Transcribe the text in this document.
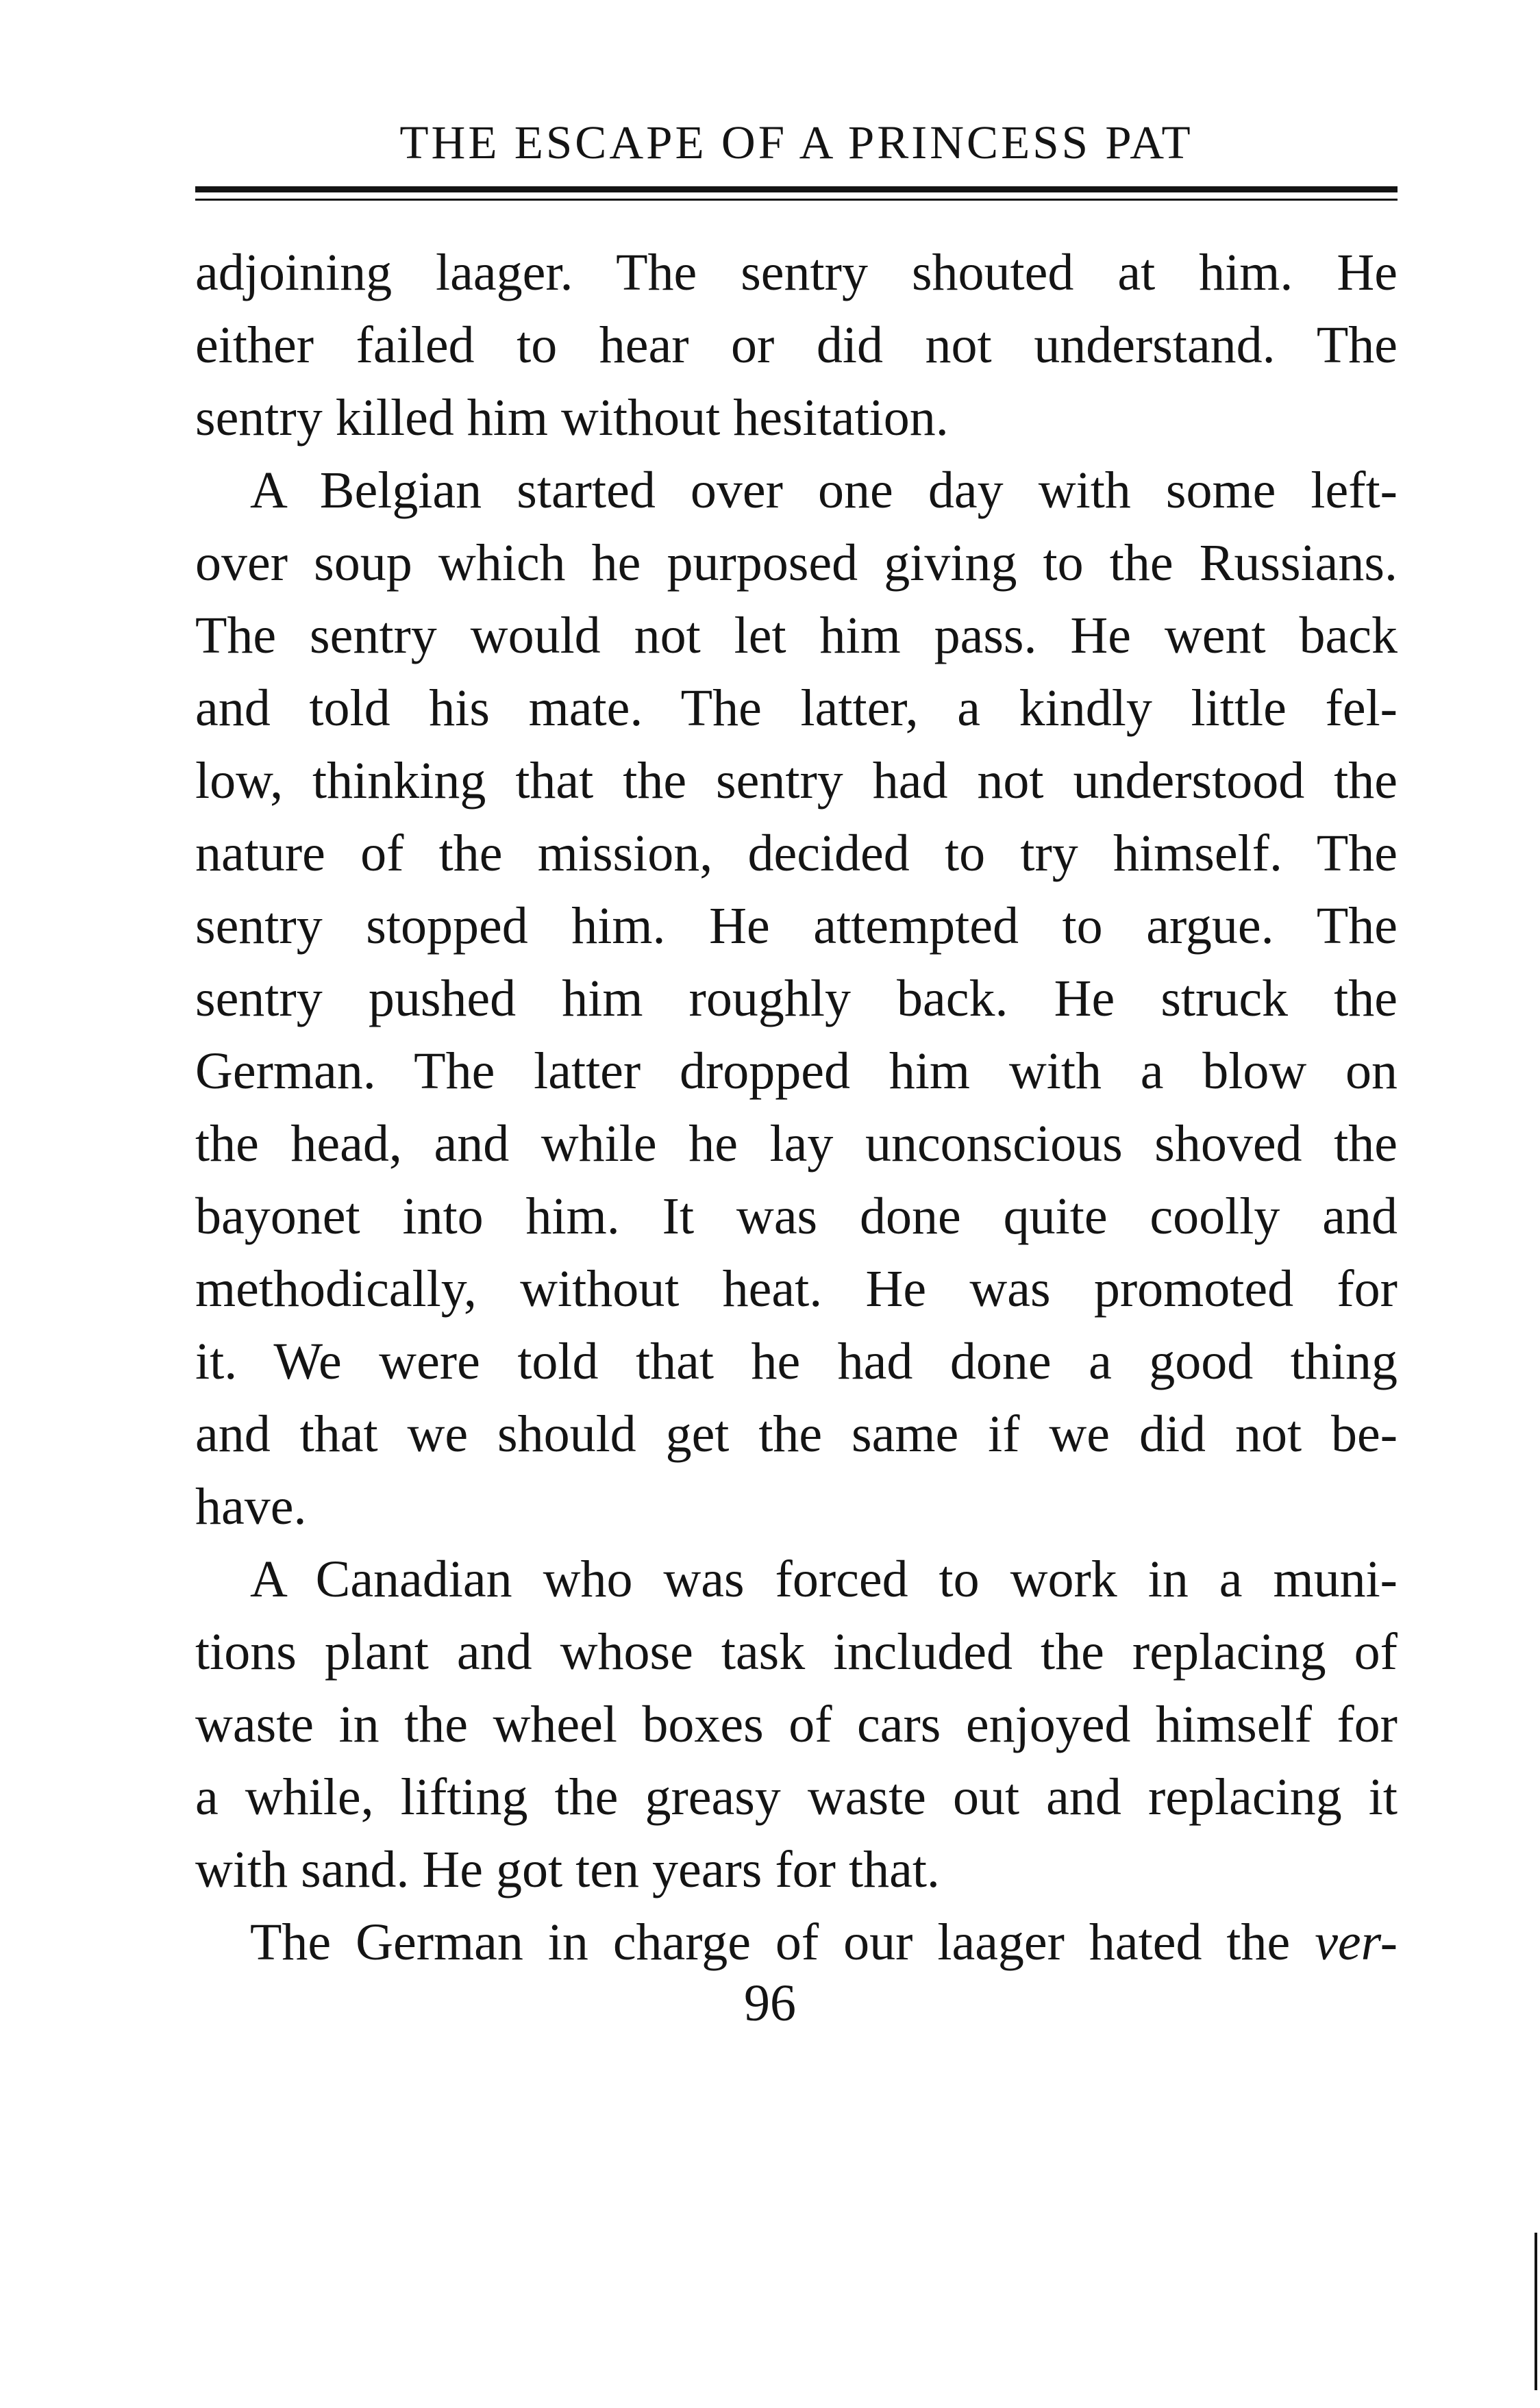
THE ESCAPE OF A PRINCESS PAT
adjoining laager. The sentry shouted at him. He
either failed to hear or did not understand. The
sentry killed him without hesitation.
A Belgian started over one day with some left-
over soup which he purposed giving to the Russians.
The sentry would not let him pass. He went back
and told his mate. The latter, a kindly little fel-
low, thinking that the sentry had not understood the
nature of the mission, decided to try himself. The
sentry stopped him. He attempted to argue. The
sentry pushed him roughly back. He struck the
German. The latter dropped him with a blow on
the head, and while he lay unconscious shoved the
bayonet into him. It was done quite coolly and
methodically, without heat. He was promoted for
it. We were told that he had done a good thing
and that we should get the same if we did not be-
have.
A Canadian who was forced to work in a muni-
tions plant and whose task included the replacing of
waste in the wheel boxes of cars enjoyed himself for
a while, lifting the greasy waste out and replacing it
with sand. He got ten years for that.
The German in charge of our laager hated the ver-
96
